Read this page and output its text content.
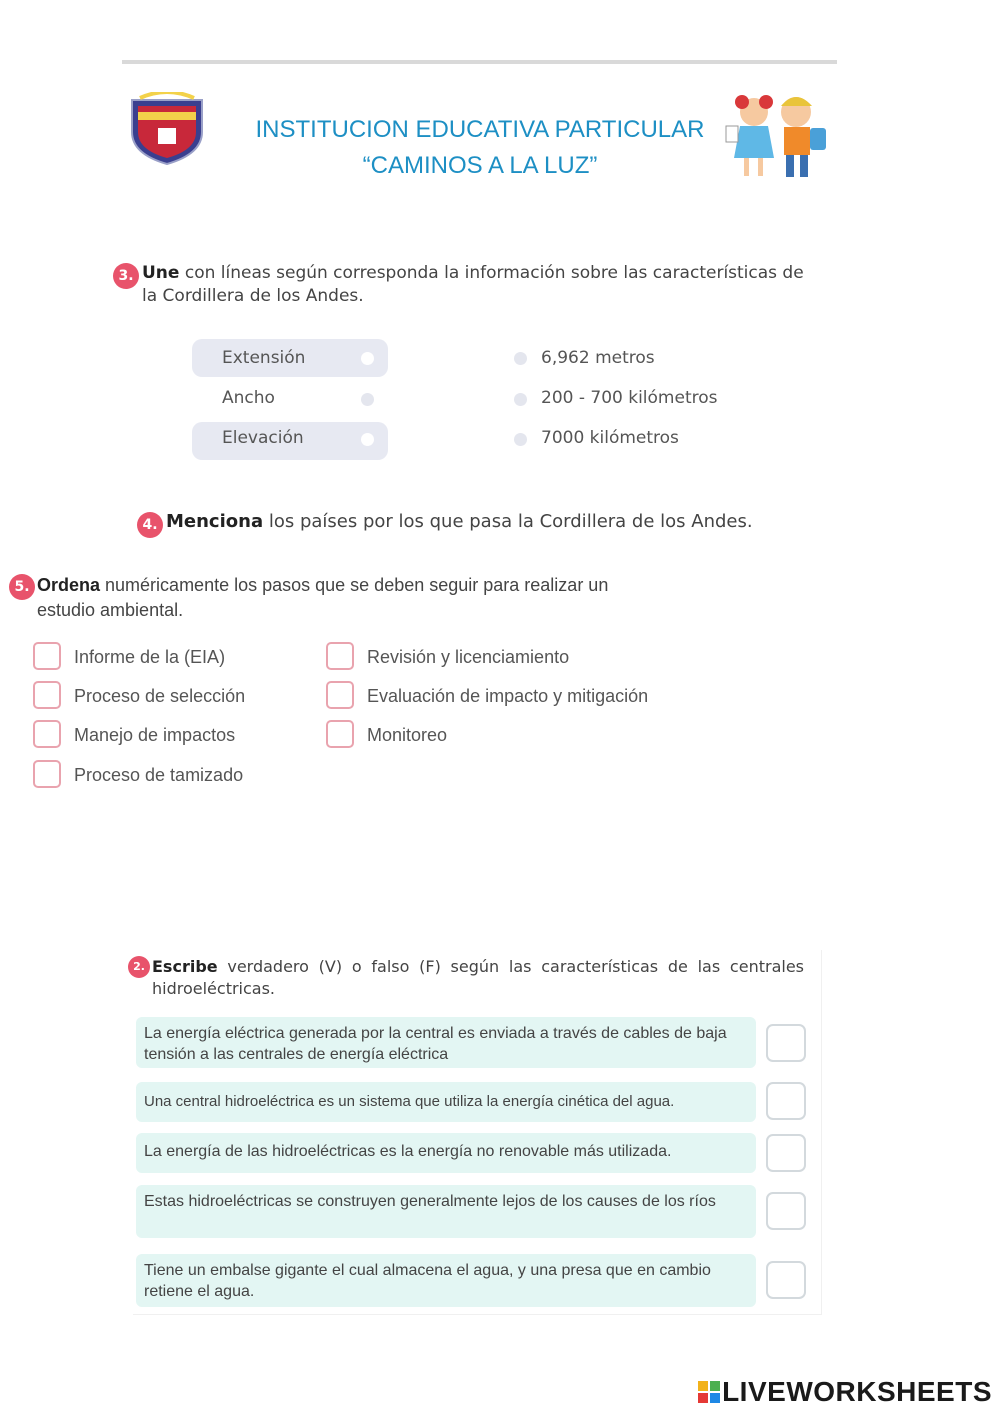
INSTITUCION EDUCATIVA PARTICULAR
“CAMINOS A LA LUZ”
3. Une con líneas según corresponda la información sobre las características de la Cordillera de los Andes.
Extensión
Ancho
Elevación
6,962 metros
200 - 700 kilómetros
7000 kilómetros
4. Menciona los países por los que pasa la Cordillera de los Andes.
5. Ordena numéricamente los pasos que se deben seguir para realizar un estudio ambiental.
Informe de la (EIA)
Proceso de selección
Manejo de impactos
Proceso de tamizado
Revisión y licenciamiento
Evaluación de impacto y mitigación
Monitoreo
2. Escribe verdadero (V) o falso (F) según las características de las centrales hidroeléctricas.
La energía eléctrica generada por la central es enviada a través de cables de baja tensión a las centrales de energía eléctrica
Una central hidroeléctrica es un sistema que utiliza la energía cinética del agua.
La energía de las hidroeléctricas es la energía no renovable más utilizada.
Estas hidroeléctricas se construyen generalmente lejos de los causes de los ríos
Tiene un embalse gigante el cual almacena el agua, y una presa que en cambio retiene el agua.
LIVEWORKSHEETS
